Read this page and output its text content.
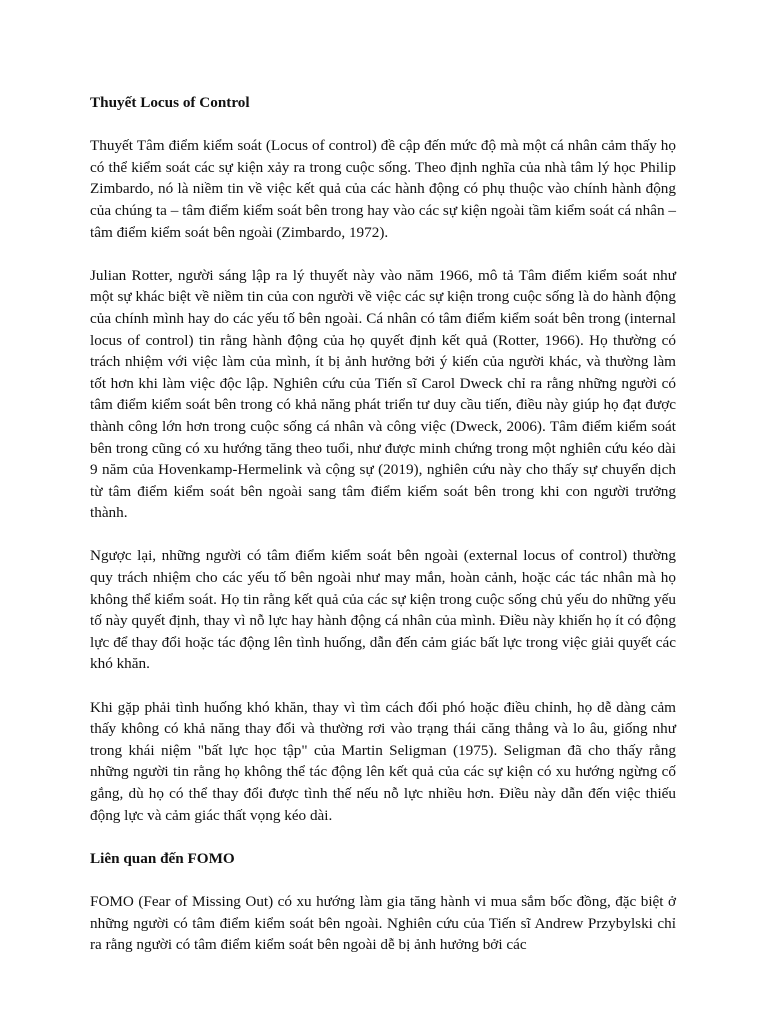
Thuyết Locus of Control
Thuyết Tâm điểm kiểm soát (Locus of control) đề cập đến mức độ mà một cá nhân cảm thấy họ có thể kiểm soát các sự kiện xảy ra trong cuộc sống. Theo định nghĩa của nhà tâm lý học Philip Zimbardo, nó là niềm tin về việc kết quả của các hành động có phụ thuộc vào chính hành động của chúng ta – tâm điểm kiểm soát bên trong hay vào các sự kiện ngoài tầm kiểm soát cá nhân – tâm điểm kiểm soát bên ngoài (Zimbardo, 1972).
Julian Rotter, người sáng lập ra lý thuyết này vào năm 1966, mô tả Tâm điểm kiểm soát như một sự khác biệt về niềm tin của con người về việc các sự kiện trong cuộc sống là do hành động của chính mình hay do các yếu tố bên ngoài. Cá nhân có tâm điểm kiểm soát bên trong (internal locus of control) tin rằng hành động của họ quyết định kết quả (Rotter, 1966). Họ thường có trách nhiệm với việc làm của mình, ít bị ảnh hưởng bởi ý kiến của người khác, và thường làm tốt hơn khi làm việc độc lập. Nghiên cứu của Tiến sĩ Carol Dweck chỉ ra rằng những người có tâm điểm kiểm soát bên trong có khả năng phát triển tư duy cầu tiến, điều này giúp họ đạt được thành công lớn hơn trong cuộc sống cá nhân và công việc (Dweck, 2006). Tâm điểm kiểm soát bên trong cũng có xu hướng tăng theo tuổi, như được minh chứng trong một nghiên cứu kéo dài 9 năm của Hovenkamp-Hermelink và cộng sự (2019), nghiên cứu này cho thấy sự chuyển dịch từ tâm điểm kiểm soát bên ngoài sang tâm điểm kiểm soát bên trong khi con người trưởng thành.
Ngược lại, những người có tâm điểm kiểm soát bên ngoài (external locus of control) thường quy trách nhiệm cho các yếu tố bên ngoài như may mắn, hoàn cảnh, hoặc các tác nhân mà họ không thể kiểm soát. Họ tin rằng kết quả của các sự kiện trong cuộc sống chủ yếu do những yếu tố này quyết định, thay vì nỗ lực hay hành động cá nhân của mình. Điều này khiến họ ít có động lực để thay đổi hoặc tác động lên tình huống, dẫn đến cảm giác bất lực trong việc giải quyết các khó khăn.
Khi gặp phải tình huống khó khăn, thay vì tìm cách đối phó hoặc điều chỉnh, họ dễ dàng cảm thấy không có khả năng thay đổi và thường rơi vào trạng thái căng thẳng và lo âu, giống như trong khái niệm "bất lực học tập" của Martin Seligman (1975). Seligman đã cho thấy rằng những người tin rằng họ không thể tác động lên kết quả của các sự kiện có xu hướng ngừng cố gắng, dù họ có thể thay đổi được tình thế nếu nỗ lực nhiều hơn. Điều này dẫn đến việc thiếu động lực và cảm giác thất vọng kéo dài.
Liên quan đến FOMO
FOMO (Fear of Missing Out) có xu hướng làm gia tăng hành vi mua sắm bốc đồng, đặc biệt ở những người có tâm điểm kiểm soát bên ngoài. Nghiên cứu của Tiến sĩ Andrew Przybylski chỉ ra rằng người có tâm điểm kiểm soát bên ngoài dễ bị ảnh hưởng bởi các
